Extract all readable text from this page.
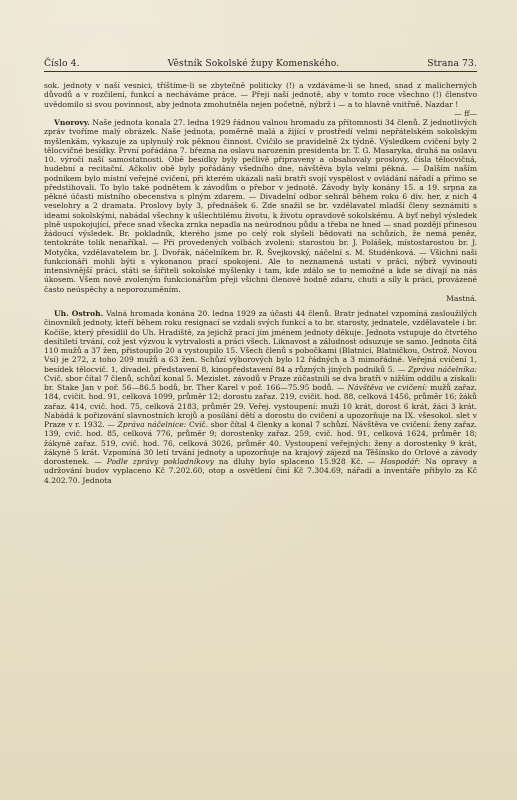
Číslo 4.	Věstník Sokolské župy Komenského.	Strana 73.

sok. jednoty v naší vesnici, tříštíme-li se zbytečně politicky (!) a vzdáváme-li se hned, snad z malicherných důvodů a v rozčilení, funkcí a necháváme práce. — Přeji naší jednotě, aby v tomto roce všechno (!) členstvo uvědomilo si svou povinnost, aby jednota zmohutněla nejen početně, nýbrž i — a to hlavně vnitřně. Nazdar !

— ff—

Vnorovy. Naše jednota konala 27. ledna 1929 řádnou valnou hromadu za přítomnosti 34 členů. Z jednotlivých zpráv tvoříme malý obrázek. Naše jednota, poměrně malá a žijící v prostředí velmi nepřátelském sokolským myšlenkám, vykazuje za uplynulý rok pěknou činnost. Cvičilo se pravidelně 2x týdně. Výsledkem cvičení byly 2 tělocvičné besídky. První pořádána 7. března na oslavu narozenin presidenta br. T. G. Masaryka, druhá na oslavu 10. výročí naší samostatnosti. Obě besídky byly pečlivě připraveny a obsahovaly proslovy, čísla tělocvičná, hudební a recitační. Ačkoliv obě byly pořádány všedního dne, návštěva byla velmi pěkná. — Dalším naším podnikem bylo místní veřejné cvičení, při kterém ukázali naši bratři svojí vyspělost v ovládání nářadí a přímo se předstihovali. To bylo také podnětem k závodům o přebor v jednotě. Závody byly konány 15. a 19. srpna za pěkné účasti místního obecenstva s plným zdarem. — Divadelní odbor sehrál během roku 6 div. her, z nich 4 veselohry a 2 dramata. Proslovy byly 3, přednášek 6. Zde snažil se br. vzdělavatel mladší členy seznámiti s ideami sokolskými, nabádal všechny k ušlechtilému životu, k životu opravdově sokolskému. A byť nebyl výsledek plně uspokojující, přece snad všecka zrnka nepadla na neúrodnou půdu a třeba ne hned — snad později přinesou žádoucí výsledek. Br. pokladník, kterého jsme po celý rok slyšeli bědovati na schůzích, že nemá peněz, tentokráte tolik nenaříkal. — Při provedených volbách zvoleni: starostou br. J. Polášek, místostarostou br. J. Motyčka, vzdělavatelem br. J. Dvořák, náčelníkem br. R. Švejkovský, náčelní s. M. Studénková. — Všichni naši funkcionáři mohli býti s vykonanou prací spokojeni. Ale to neznamená ustati v práci, nýbrž vyvinouti intensivnější práci, státi se šiřiteli sokolské myšlenky i tam, kde zdálo se to nemožné a kde se dívají na nás úkosem. Všem nově zvoleným funkcionářům přeji všichni členové hodně zdaru, chuti a síly k práci, provázené často neúspěchy a neporozuměním.

Mastná.

Uh. Ostroh. Valná hromada konána 20. ledna 1929 za účasti 44 členů. Bratr jednatel vzpomíná zasloužilých činovníků jednoty, kteří během roku resignací se vzdali svých funkcí a to br. starosty, jednatele, vzdělavatele i br. Kočíše, který přesídlil do Uh. Hradiště, za jejichž prací jím jménem jednoty děkuje. Jednota vstupuje do čtvrtého desítiletí trvání, což jest výzvou k vytrvalosti a práci všech. Liknavost a záludnost odsuzuje se samo. Jednota čítá 110 mužů a 37 žen, přistoupilo 20 a vystoupilo 15. Všech členů s pobočkami (Blatnicí, Blatničkou, Ostrož. Novou Vsí) je 272, z toho 209 mužů a 63 žen. Schůzí výborových bylo 12 řádných a 3 mimořádné. Veřejná cvičení 1, besídek tělocvič. 1, divadel. představení 8, kinopředstavení 84 a různých jiných podniků 5. — Zpráva náčelníka: Cvič. sbor čítal 7 členů, schůzí konal 5. Mezislet. závodů v Praze zúčastnili se dva bratři v nižším oddílu a získali: br. Stake Jan v poř. 56—86.5 bodů, br. Ther Karel v poř. 166—75.95 bodů. — Návštěva ve cvičení: mužů zařaz. 184, cvičit. hod. 91, celková 1099, průměr 12; dorostu zařaz. 219, cvičit. hod. 88, celková 1456, průměr 16; žáků zařaz. 414, cvič. hod. 75, celková 2183, průměr 29. Veřej. vystoupení: muži 10 krát, dorost 6 krát, žáci 3 krát. Nabádá k pořizování slavnostních krojů a posílání dětí a dorostu do cvičení a upozorňuje na IX. všesokol. slet v Praze v r. 1932. — Zpráva náčelnice: Cvič. sbor čítal 4 členky a konal 7 schůzí. Návštěva ve cvičení: ženy zařaz. 139, cvič. hod. 85, celková 776, průměr 9; dorostenky zařaz. 259, cvič. hod. 91, celková 1624, průměr 18; žákyně zařaz. 519, cvič. hod. 76, celková 3026, průměr 40. Vystoupení veřejných: ženy a dorostenky 9 krát, žákyně 5 krát. Vzpomíná 30 letí trvání jednoty a upozorňuje na krajový zájezd na Těšínsko do Orlové a závody dorostenek. — Podle zprávy pokladníkovy na dluhy bylo splaceno 15.928 Kč. — Hospodář: Na opravy a udržování budov vyplaceno Kč 7.202.60, otop a osvětlení činí Kč 7.304.69, nářadí a inventáře přibylo za Kč 4.202.70. Jednota
